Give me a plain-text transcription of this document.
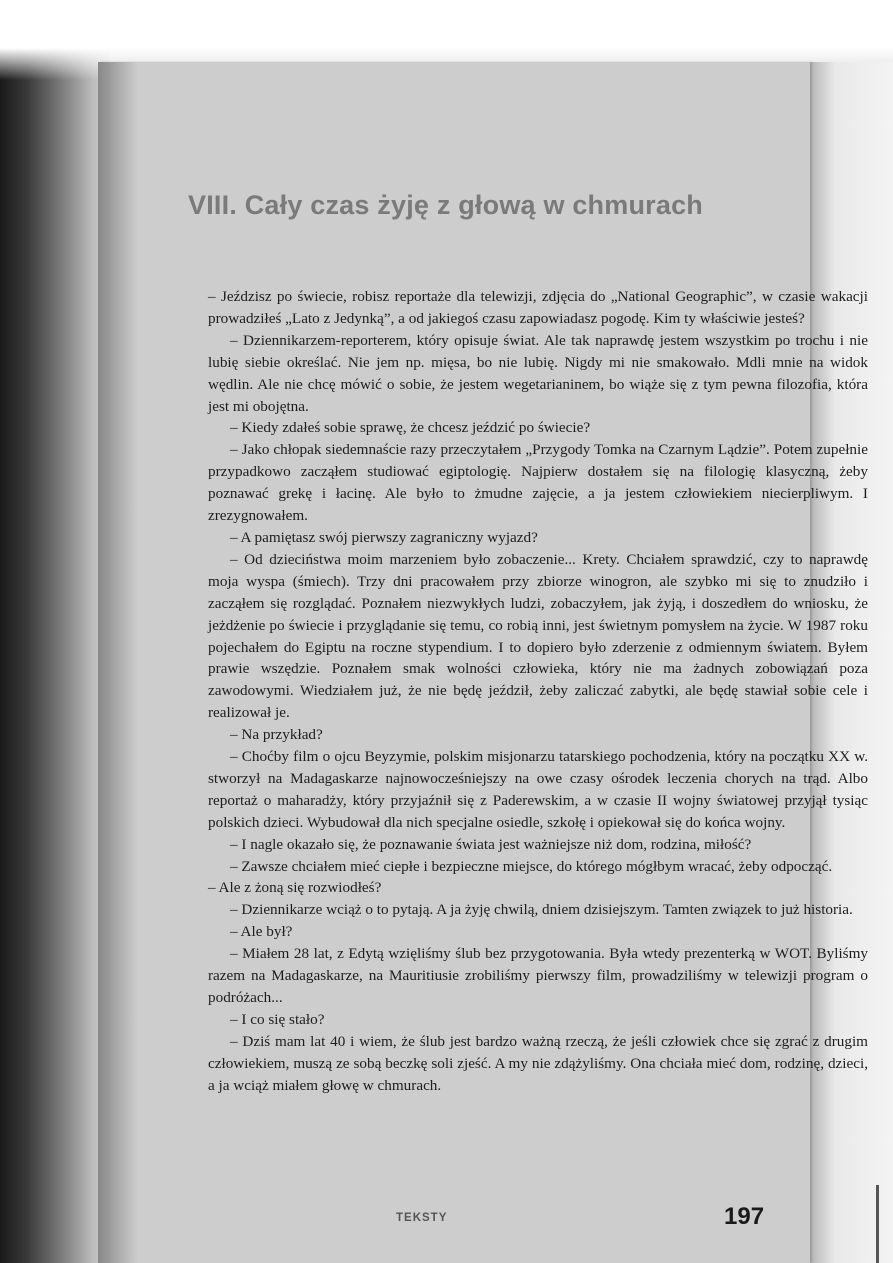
VIII. Cały czas żyję z głową w chmurach

– Jeździsz po świecie, robisz reportaże dla telewizji, zdjęcia do „National Geographic”, w czasie wakacji prowadziłeś „Lato z Jedynką”, a od jakiegoś czasu zapowiadasz pogodę. Kim ty właściwie jesteś?

– Dziennikarzem-reporterem, który opisuje świat. Ale tak naprawdę jestem wszystkim po trochu i nie lubię siebie określać. Nie jem np. mięsa, bo nie lubię. Nigdy mi nie smakowało. Mdli mnie na widok wędlin. Ale nie chcę mówić o sobie, że jestem wegetarianinem, bo wiąże się z tym pewna filozofia, która jest mi obojętna.

– Kiedy zdałeś sobie sprawę, że chcesz jeździć po świecie?

– Jako chłopak siedemnaście razy przeczytałem „Przygody Tomka na Czarnym Lądzie”. Potem zupełnie przypadkowo zacząłem studiować egiptologię. Najpierw dostałem się na filologię klasyczną, żeby poznawać grekę i łacinę. Ale było to żmudne zajęcie, a ja jestem człowiekiem niecierpliwym. I zrezygnowałem.

– A pamiętasz swój pierwszy zagraniczny wyjazd?

– Od dzieciństwa moim marzeniem było zobaczenie... Krety. Chciałem sprawdzić, czy to naprawdę moja wyspa (śmiech). Trzy dni pracowałem przy zbiorze winogron, ale szybko mi się to znudziło i zacząłem się rozglądać. Poznałem niezwykłych ludzi, zobaczyłem, jak żyją, i doszedłem do wniosku, że jeżdżenie po świecie i przyglądanie się temu, co robią inni, jest świetnym pomysłem na życie. W 1987 roku pojechałem do Egiptu na roczne stypendium. I to dopiero było zderzenie z odmiennym światem. Byłem prawie wszędzie. Poznałem smak wolności człowieka, który nie ma żadnych zobowiązań poza zawodowymi. Wiedziałem już, że nie będę jeździł, żeby zaliczać zabytki, ale będę stawiał sobie cele i realizował je.

– Na przykład?

– Choćby film o ojcu Beyzymie, polskim misjonarzu tatarskiego pochodzenia, który na początku XX w. stworzył na Madagaskarze najnowocześniejszy na owe czasy ośrodek leczenia chorych na trąd. Albo reportaż o maharadży, który przyjaźnił się z Paderewskim, a w czasie II wojny światowej przyjął tysiąc polskich dzieci. Wybudował dla nich specjalne osiedle, szkołę i opiekował się do końca wojny.

– I nagle okazało się, że poznawanie świata jest ważniejsze niż dom, rodzina, miłość?

– Zawsze chciałem mieć ciepłe i bezpieczne miejsce, do którego mógłbym wracać, żeby odpocząć.

– Ale z żoną się rozwiodłeś?

– Dziennikarze wciąż o to pytają. A ja żyję chwilą, dniem dzisiejszym. Tamten związek to już historia.

– Ale był?

– Miałem 28 lat, z Edytą wzięliśmy ślub bez przygotowania. Była wtedy prezenterką w WOT. Byliśmy razem na Madagaskarze, na Mauritiusie zrobiliśmy pierwszy film, prowadziliśmy w telewizji program o podróżach...

– I co się stało?

– Dziś mam lat 40 i wiem, że ślub jest bardzo ważną rzeczą, że jeśli człowiek chce się zgrać z drugim człowiekiem, muszą ze sobą beczkę soli zjeść. A my nie zdążyliśmy. Ona chciała mieć dom, rodzinę, dzieci, a ja wciąż miałem głowę w chmurach.

TEKSTY	197
